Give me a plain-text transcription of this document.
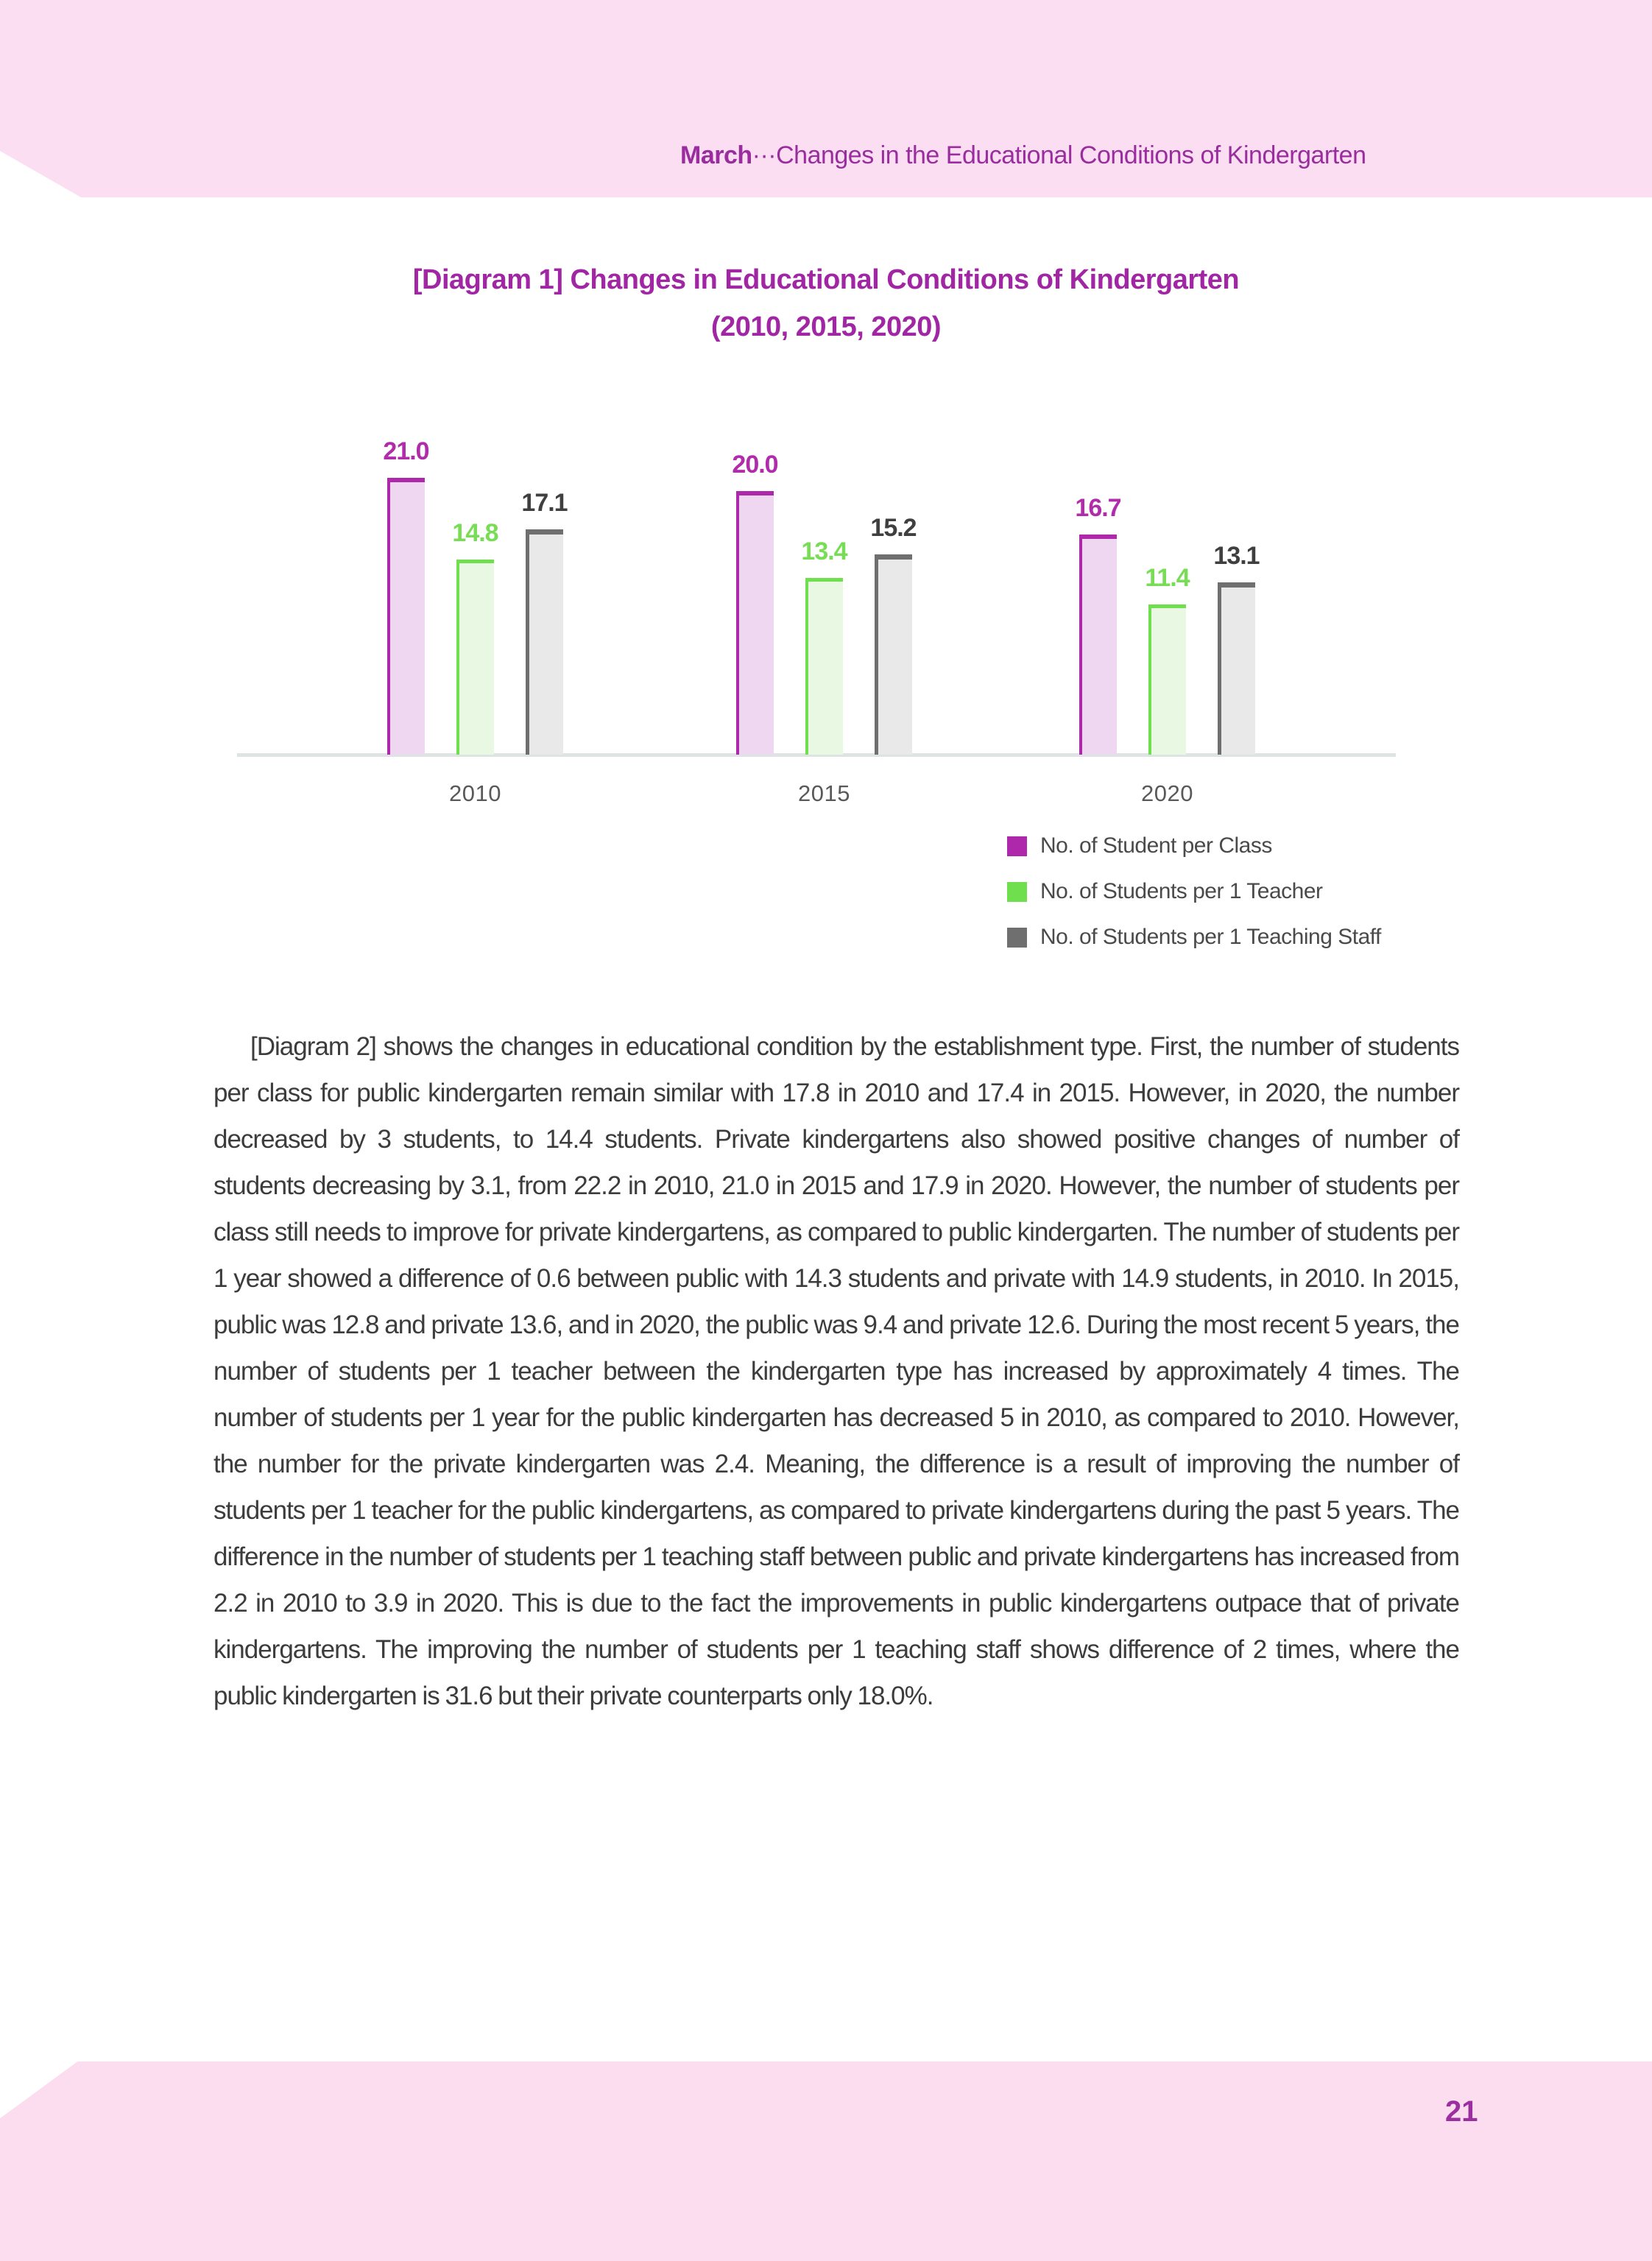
March···Changes in the Educational Conditions of Kindergarten
[Diagram 1] Changes in Educational Conditions of Kindergarten
(2010, 2015, 2020)
21.0
14.8
17.1
2010
20.0
13.4
15.2
2015
16.7
11.4
13.1
2020
No. of Student per Class
No. of Students per 1 Teacher
No. of Students per 1 Teaching Staff
[Diagram 2] shows the changes in educational condition by the establishment type. First, the number of students per class for public kindergarten remain similar with 17.8 in 2010 and 17.4 in 2015. However, in 2020, the number decreased by 3 students, to 14.4 students. Private kindergartens also showed positive changes of number of students decreasing by 3.1, from 22.2 in 2010, 21.0 in 2015 and 17.9 in 2020. However, the number of students per class still needs to improve for private kindergartens, as compared to public kindergarten. The number of students per 1 year showed a difference of 0.6 between public with 14.3 students and private with 14.9 students, in 2010. In 2015, public was 12.8 and private 13.6, and in 2020, the public was 9.4 and private 12.6. During the most recent 5 years, the number of students per 1 teacher between the kindergarten type has increased by approximately 4 times. The number of students per 1 year for the public kindergarten has decreased 5 in 2010, as compared to 2010. However, the number for the private kindergarten was 2.4. Meaning, the difference is a result of improving the number of students per 1 teacher for the public kindergartens, as compared to private kindergartens during the past 5 years. The difference in the number of students per 1 teaching staff between public and private kindergartens has increased from 2.2 in 2010 to 3.9 in 2020. This is due to the fact the improvements in public kindergartens outpace that of private kindergartens. The improving the number of students per 1 teaching staff shows difference of 2 times, where the public kindergarten is 31.6 but their private counterparts only 18.0%.
21
